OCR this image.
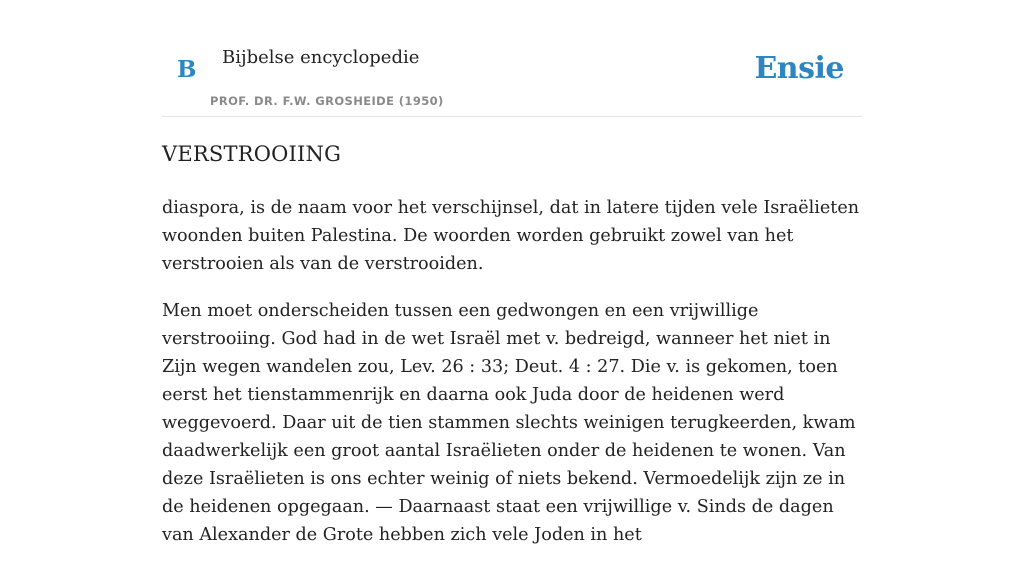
B Bijbelse encyclopedie
PROF. DR. F.W. GROSHEIDE (1950)
Ensie
VERSTROOIING

diaspora, is de naam voor het verschijnsel, dat in latere tijden vele Israëlieten woonden buiten Palestina. De woorden worden gebruikt zowel van het verstrooien als van de verstrooiden.

Men moet onderscheiden tussen een gedwongen en een vrijwillige verstrooiing. God had in de wet Israël met v. bedreigd, wanneer het niet in Zijn wegen wandelen zou, Lev. 26 : 33; Deut. 4 : 27. Die v. is gekomen, toen eerst het tienstammenrijk en daarna ook Juda door de heidenen werd weggevoerd. Daar uit de tien stammen slechts weinigen terugkeerden, kwam daadwerkelijk een groot aantal Israëlieten onder de heidenen te wonen. Van deze Israëlieten is ons echter weinig of niets bekend. Vermoedelijk zijn ze in de heidenen opgegaan. — Daarnaast staat een vrijwillige v. Sinds de dagen van Alexander de Grote hebben zich vele Joden in het
